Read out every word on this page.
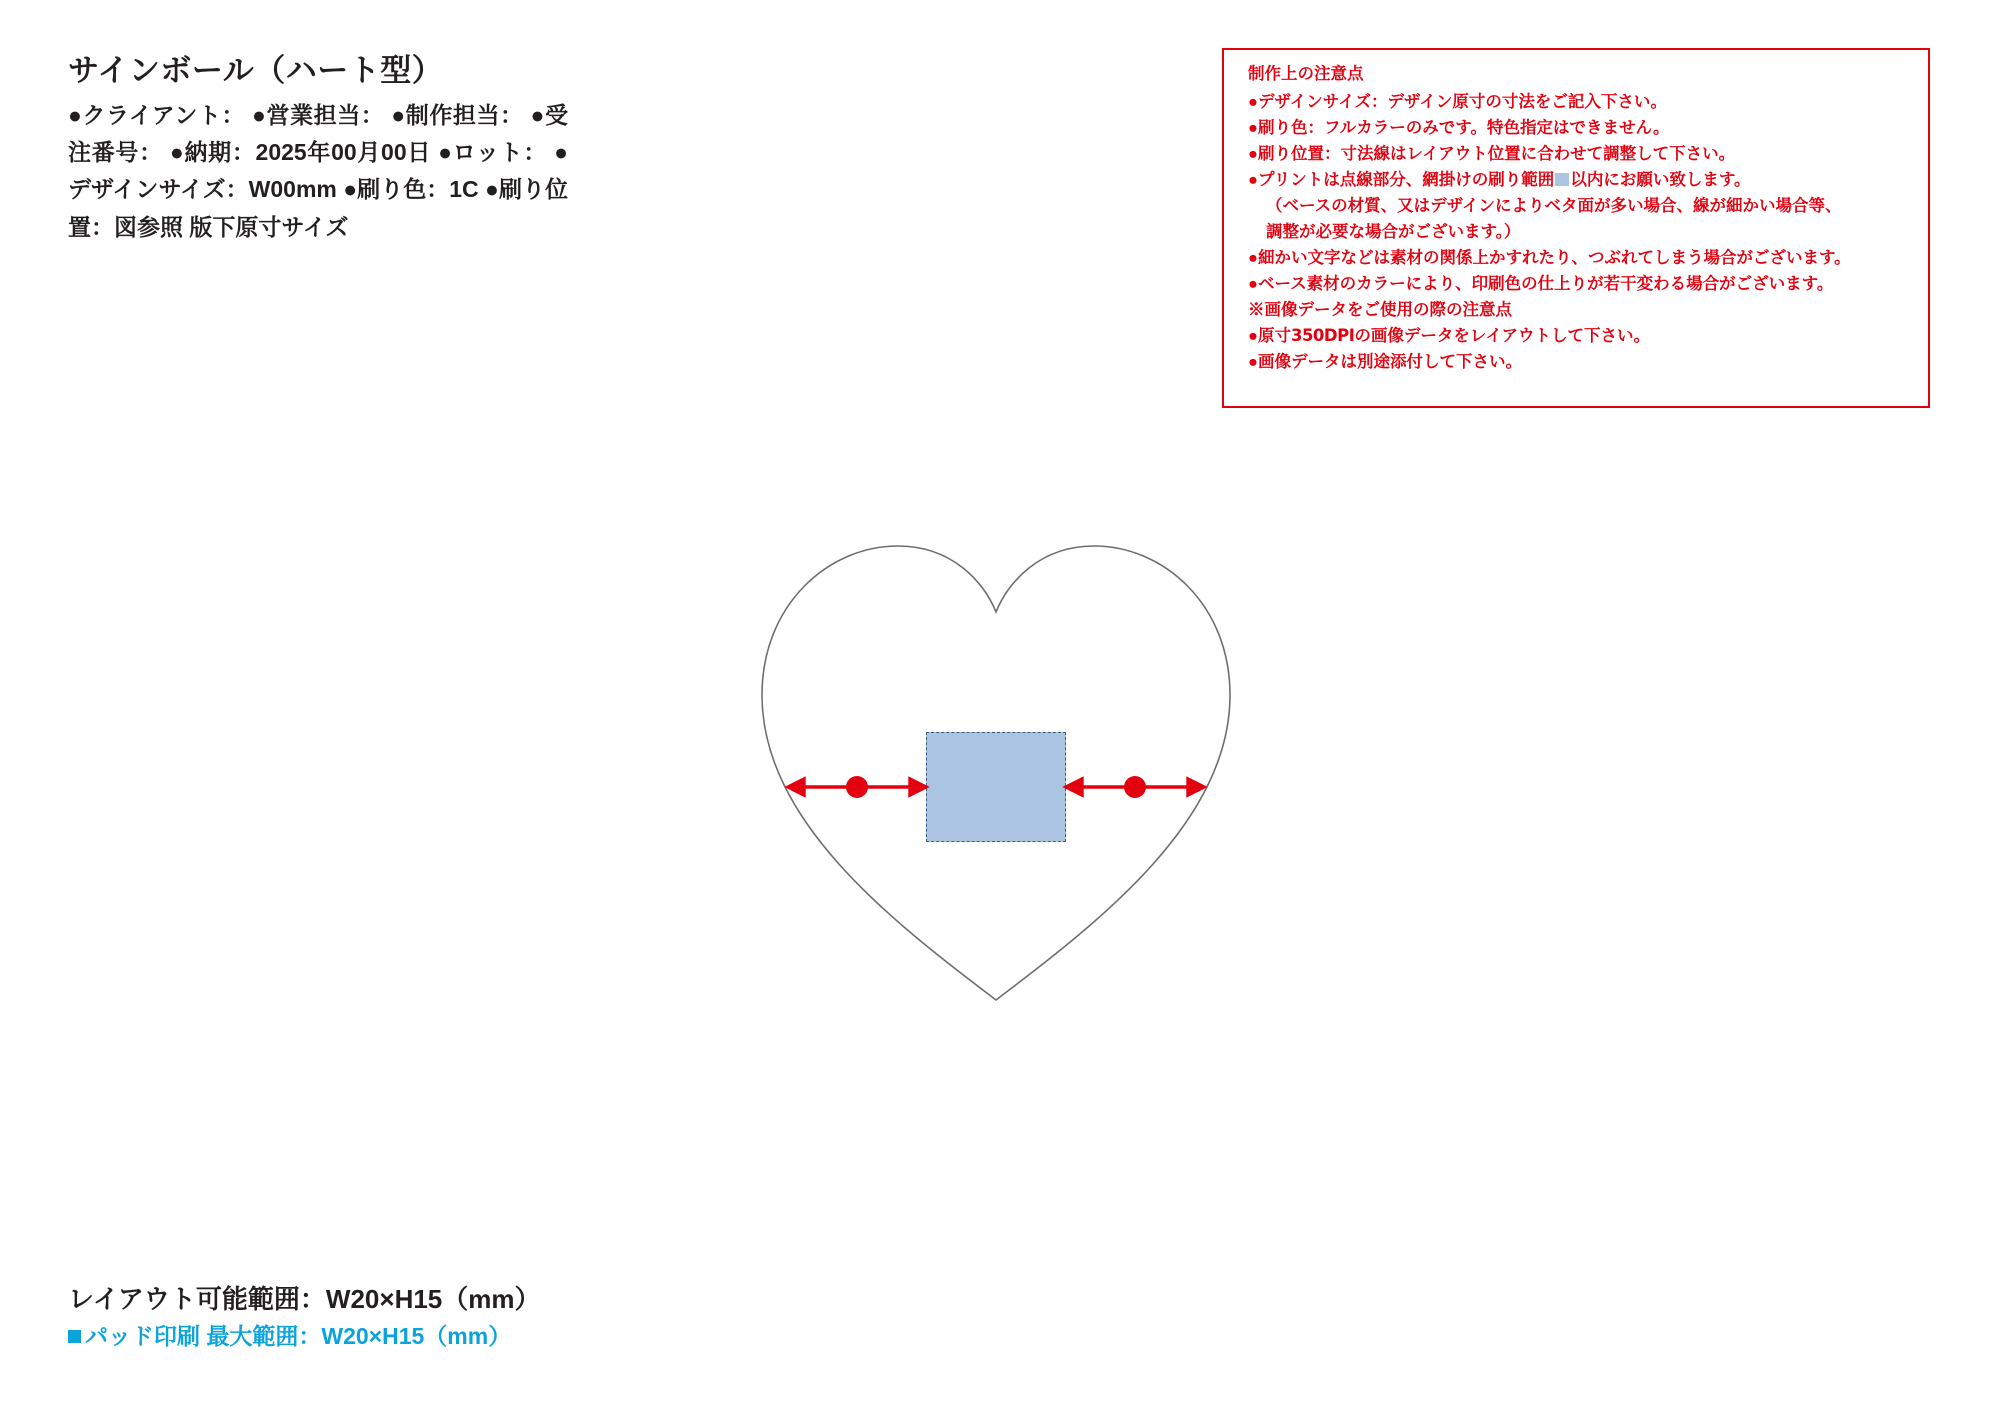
サインボール（ハート型）

●クライアント： ●営業担当： ●制作担当： ●受注番号： ●納期：2025年00月00日 ●ロット： ●デザインサイズ：W00mm ●刷り色：1C ●刷り位置：図参照 版下原寸サイズ

制作上の注意点
●デザインサイズ：デザイン原寸の寸法をご記入下さい。
●刷り色：フルカラーのみです。特色指定はできません。
●刷り位置：寸法線はレイアウト位置に合わせて調整して下さい。
●プリントは点線部分、網掛けの刷り範囲 以内にお願い致します。
（ベースの材質、又はデザインによりベタ面が多い場合、線が細かい場合等、
調整が必要な場合がございます。）
●細かい文字などは素材の関係上かすれたり、つぶれてしまう場合がございます。
●ベース素材のカラーにより、印刷色の仕上りが若干変わる場合がございます。
※画像データをご使用の際の注意点
●原寸350DPIの画像データをレイアウトして下さい。
●画像データは別途添付して下さい。

レイアウト可能範囲：W20×H15（mm）

パッド印刷 最大範囲：W20×H15（mm）
